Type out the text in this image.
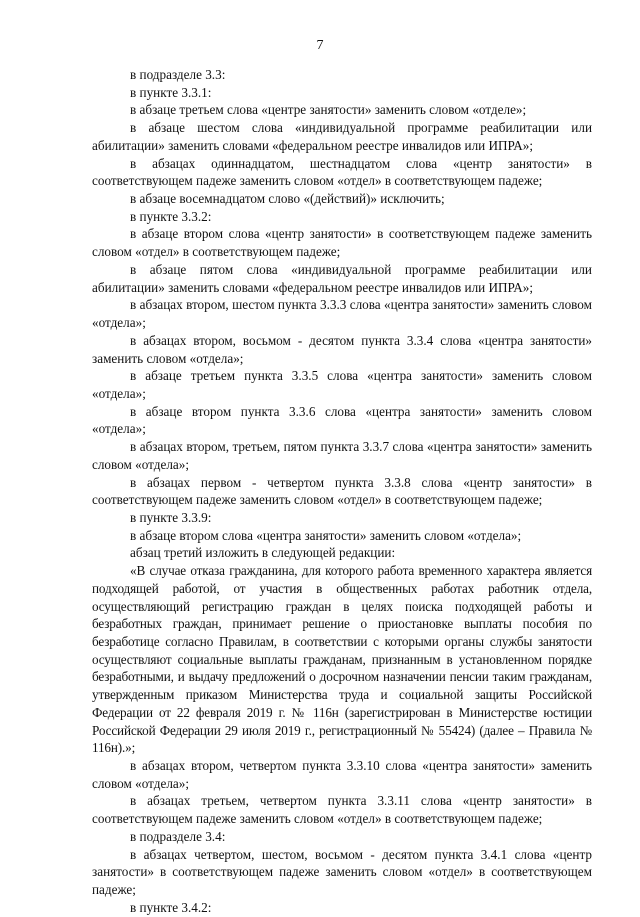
7

в подразделе 3.3:

в пункте 3.3.1:

в абзаце третьем слова «центре занятости» заменить словом «отделе»;

в абзаце шестом слова «индивидуальной программе реабилитации или абилитации» заменить словами «федеральном реестре инвалидов или ИПРА»;

в абзацах одиннадцатом, шестнадцатом слова «центр занятости» в соответствующем падеже заменить словом «отдел» в соответствующем падеже;

в абзаце восемнадцатом слово «(действий)» исключить;

в пункте 3.3.2:

в абзаце втором слова «центр занятости» в соответствующем падеже заменить словом «отдел» в соответствующем падеже;

в абзаце пятом слова «индивидуальной программе реабилитации или абилитации» заменить словами «федеральном реестре инвалидов или ИПРА»;

в абзацах втором, шестом пункта 3.3.3 слова «центра занятости» заменить словом «отдела»;

в абзацах втором, восьмом - десятом пункта 3.3.4 слова «центра занятости» заменить словом «отдела»;

в абзаце третьем пункта 3.3.5 слова «центра занятости» заменить словом «отдела»;

в абзаце втором пункта 3.3.6 слова «центра занятости» заменить словом «отдела»;

в абзацах втором, третьем, пятом пункта 3.3.7 слова «центра занятости» заменить словом «отдела»;

в абзацах первом - четвертом пункта 3.3.8 слова «центр занятости» в соответствующем падеже заменить словом «отдел» в соответствующем падеже;

в пункте 3.3.9:

в абзаце втором слова «центра занятости» заменить словом «отдела»;

абзац третий изложить в следующей редакции:

«В случае отказа гражданина, для которого работа временного характера является подходящей работой, от участия в общественных работах работник отдела, осуществляющий регистрацию граждан в целях поиска подходящей работы и безработных граждан, принимает решение о приостановке выплаты пособия по безработице согласно Правилам, в соответствии с которыми органы службы занятости осуществляют социальные выплаты гражданам, признанным в установленном порядке безработными, и выдачу предложений о досрочном назначении пенсии таким гражданам, утвержденным приказом Министерства труда и социальной защиты Российской Федерации от 22 февраля 2019 г. № 116н (зарегистрирован в Министерстве юстиции Российской Федерации 29 июля 2019 г., регистрационный № 55424) (далее – Правила № 116н).»;

в абзацах втором, четвертом пункта 3.3.10 слова «центра занятости» заменить словом «отдела»;

в абзацах третьем, четвертом пункта 3.3.11 слова «центр занятости» в соответствующем падеже заменить словом «отдел» в соответствующем падеже;

в подразделе 3.4:

в абзацах четвертом, шестом, восьмом - десятом пункта 3.4.1 слова «центр занятости» в соответствующем падеже заменить словом «отдел» в соответствующем падеже;

в пункте 3.4.2:
